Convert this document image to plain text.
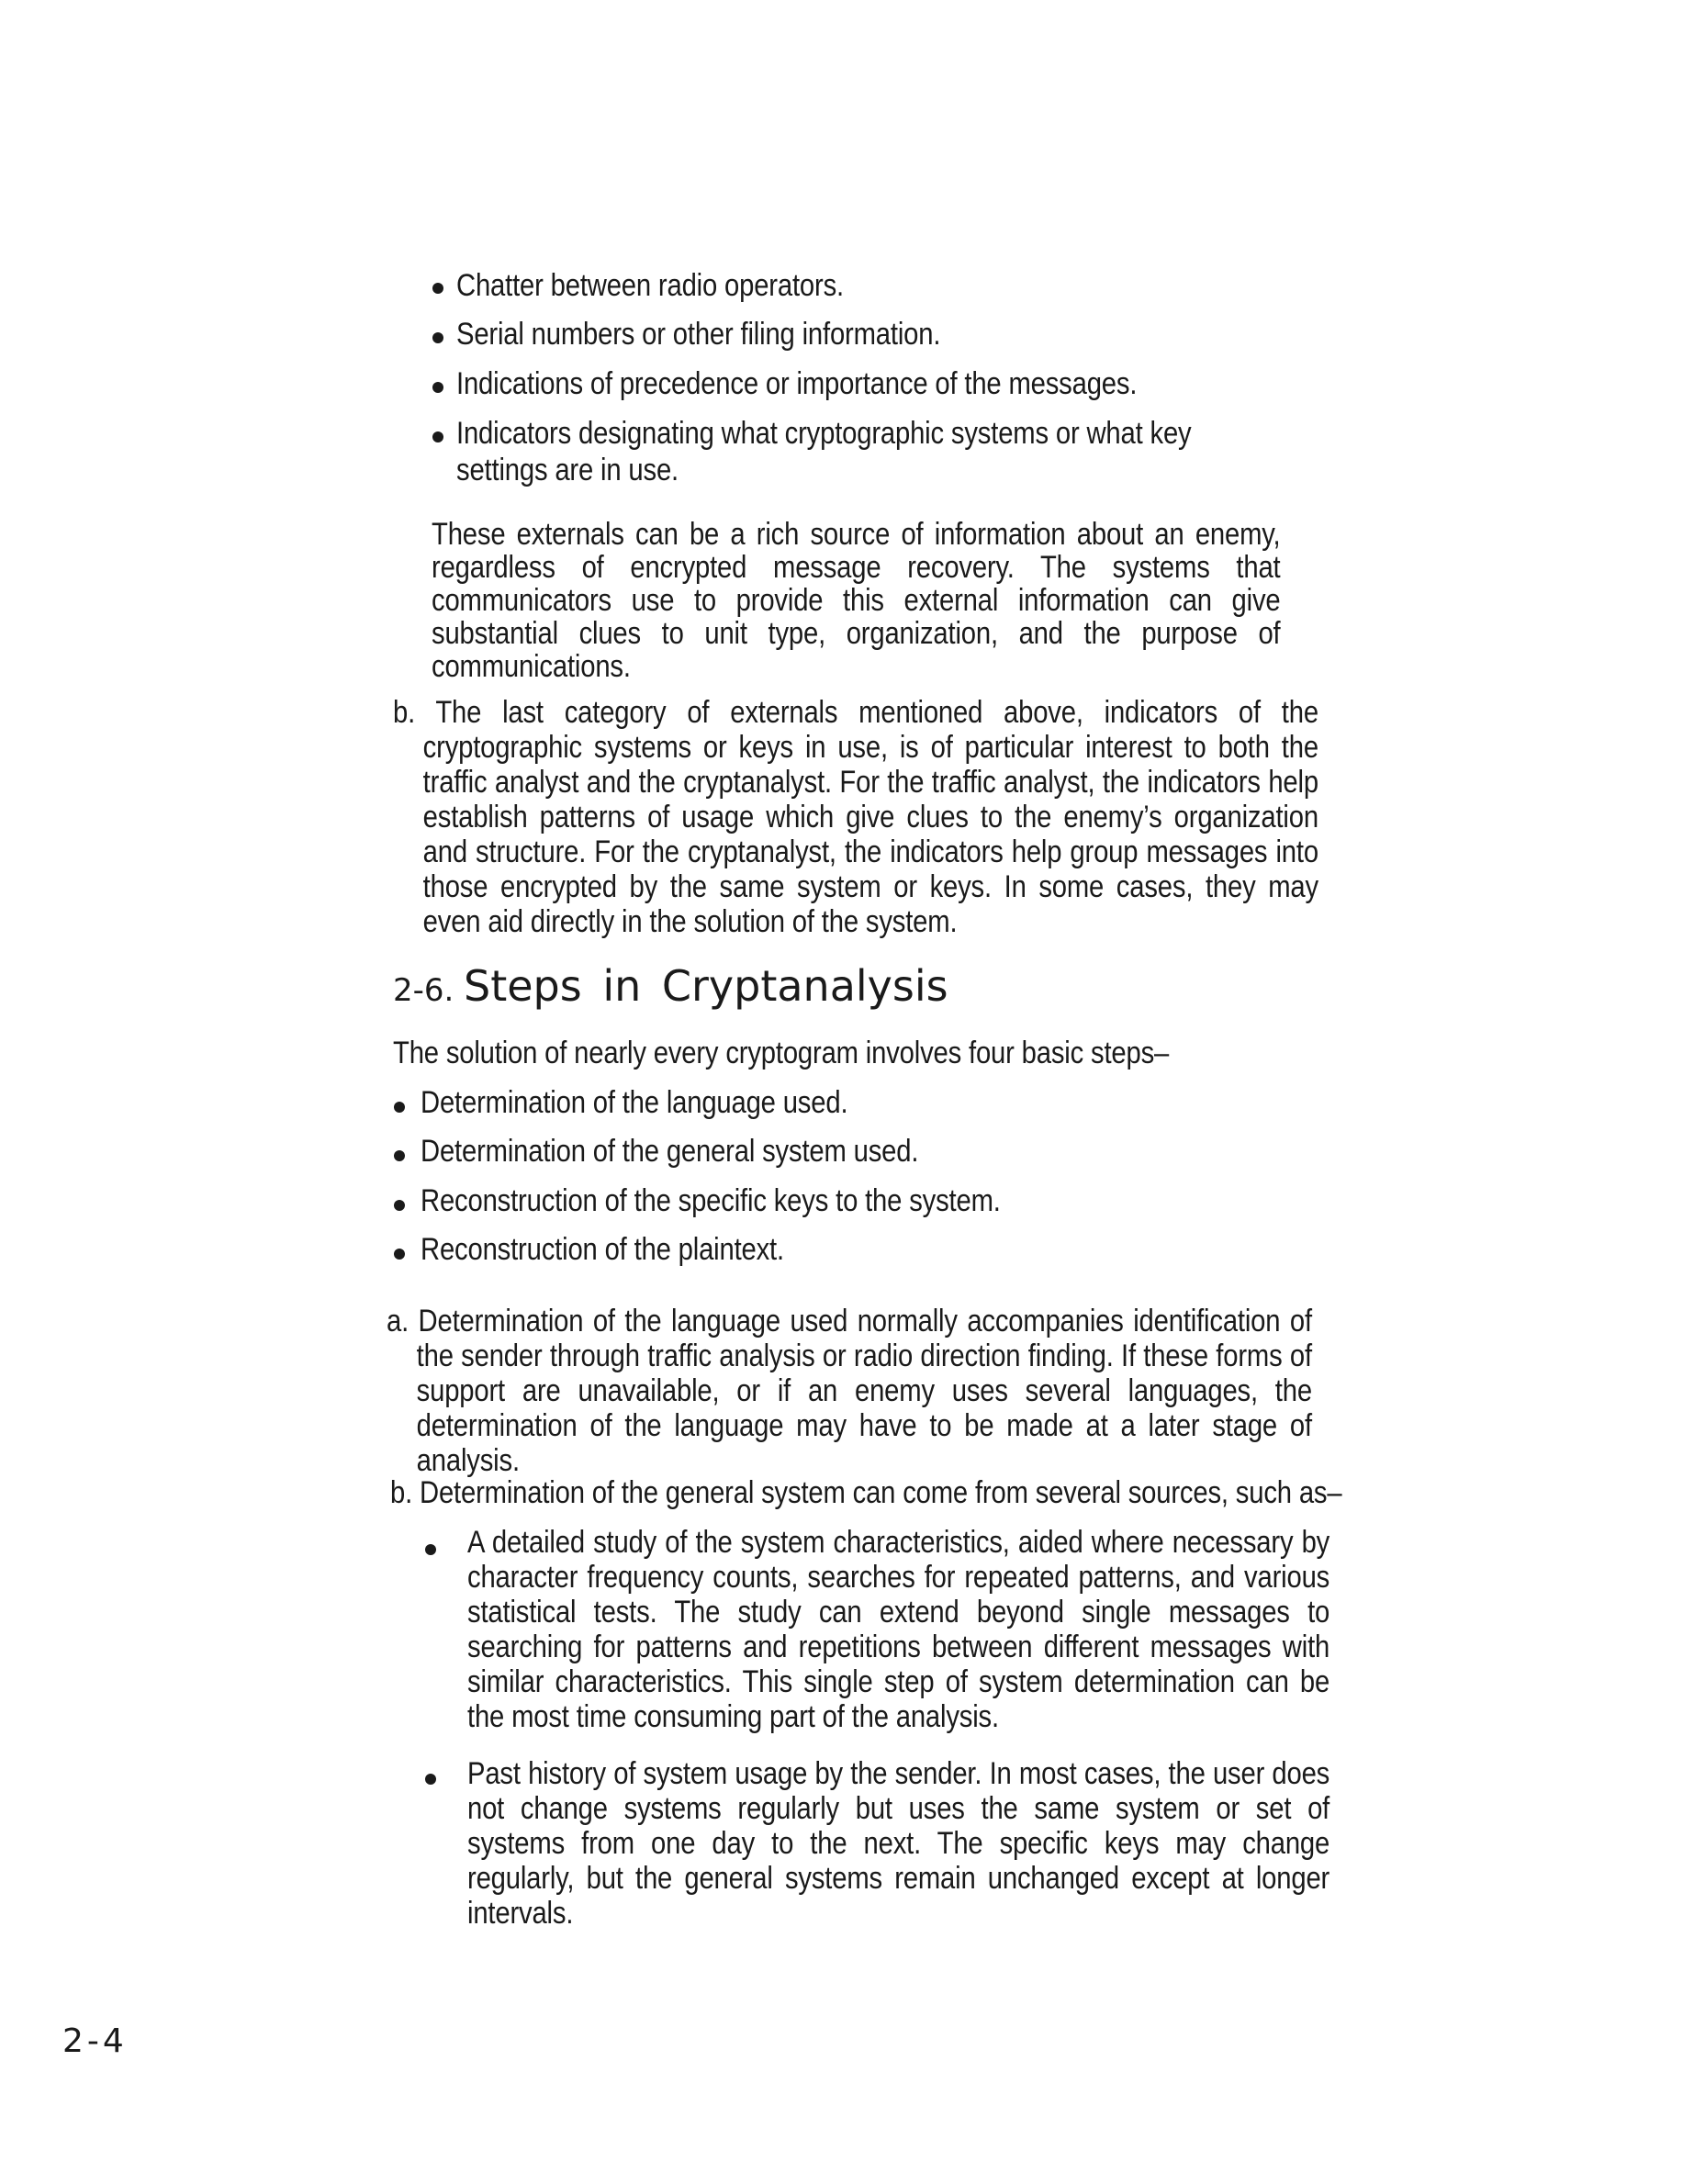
Chatter between radio operators.
Serial numbers or other filing information.
Indications of precedence or importance of the messages.
Indicators designating what cryptographic systems or what key settings are in use.
These externals can be a rich source of information about an enemy, regardless of encrypted message recovery. The systems that communicators use to provide this external information can give substantial clues to unit type, organization, and the purpose of communications.
b. The last category of externals mentioned above, indicators of the cryptographic systems or keys in use, is of particular interest to both the traffic analyst and the cryptanalyst. For the traffic analyst, the indicators help establish patterns of usage which give clues to the enemy’s organization and structure. For the cryptanalyst, the indicators help group messages into those encrypted by the same system or keys. In some cases, they may even aid directly in the solution of the system.
2-6. Steps in Cryptanalysis
The solution of nearly every cryptogram involves four basic steps–
Determination of the language used.
Determination of the general system used.
Reconstruction of the specific keys to the system.
Reconstruction of the plaintext.
a. Determination of the language used normally accompanies identification of the sender through traffic analysis or radio direction finding. If these forms of support are unavailable, or if an enemy uses several languages, the determination of the language may have to be made at a later stage of analysis.
b. Determination of the general system can come from several sources, such as–
A detailed study of the system characteristics, aided where necessary by character frequency counts, searches for repeated patterns, and various statistical tests. The study can extend beyond single messages to searching for patterns and repetitions between different messages with similar characteristics. This single step of system determination can be the most time consuming part of the analysis.
Past history of system usage by the sender. In most cases, the user does not change systems regularly but uses the same system or set of systems from one day to the next. The specific keys may change regularly, but the general systems remain unchanged except at longer intervals.
2-4
